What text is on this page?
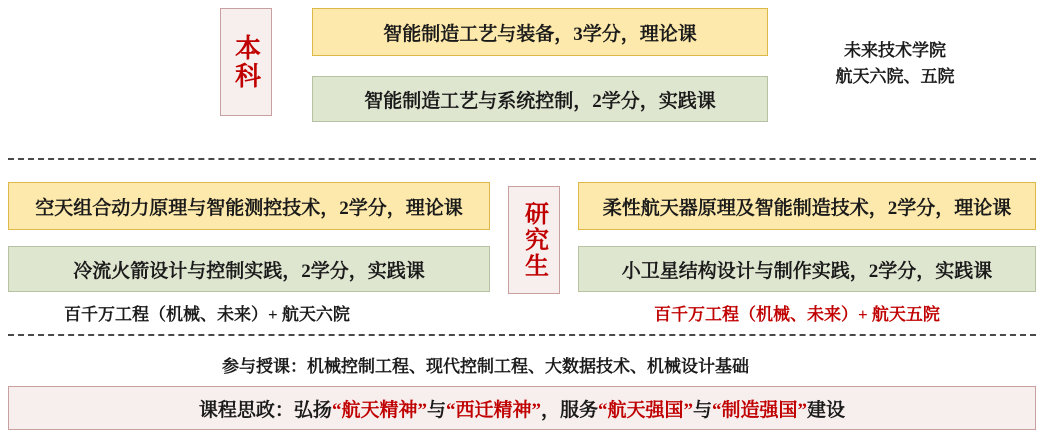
本科	智能制造工艺与装备，3学分，理论课
智能制造工艺与系统控制，2学分，实践课
未来技术学院
航天六院、五院
研究生
空天组合动力原理与智能测控技术，2学分，理论课
冷流火箭设计与控制实践，2学分，实践课
百千万工程（机械、未来）+ 航天六院
柔性航天器原理及智能制造技术，2学分，理论课
小卫星结构设计与制作实践，2学分，实践课
百千万工程（机械、未来）+ 航天五院
参与授课：机械控制工程、现代控制工程、大数据技术、机械设计基础
课程思政：弘扬 “航天精神” 与 “西迁精神” ，服务 “航天强国” 与 “制造强国” 建设
